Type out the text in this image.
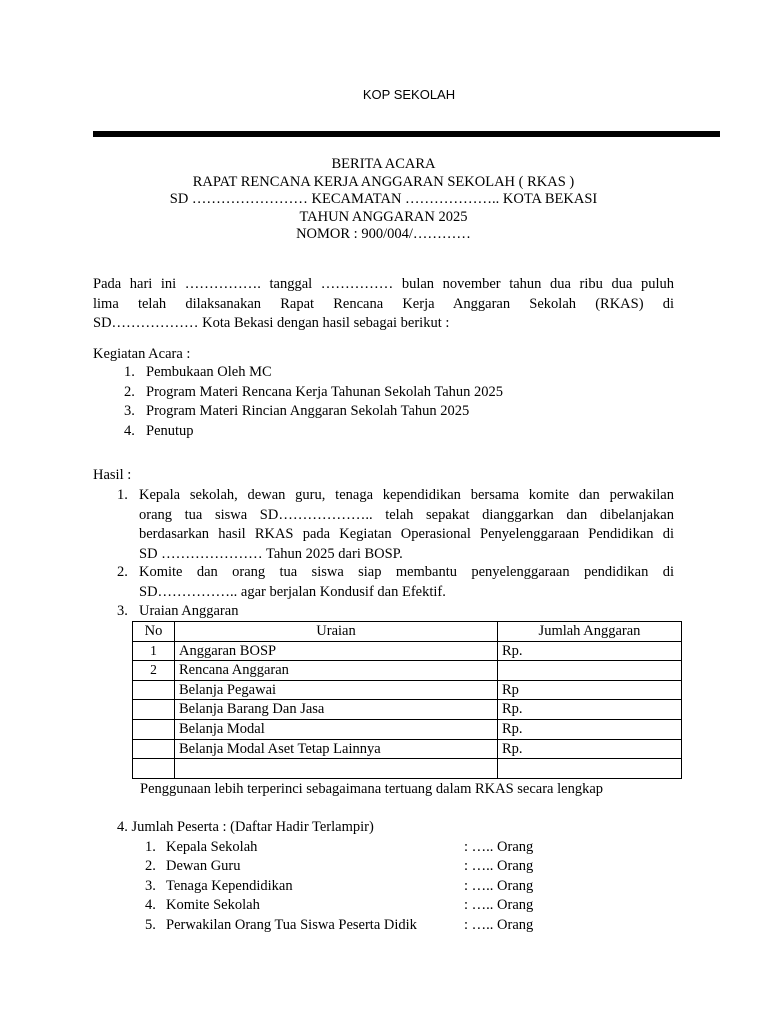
KOP SEKOLAH
BERITA ACARA
RAPAT RENCANA KERJA ANGGARAN SEKOLAH ( RKAS )
SD …………………… KECAMATAN ……………….. KOTA BEKASI
TAHUN ANGGARAN 2025
NOMOR : 900/004/…………
Pada hari ini ……………. tanggal …………… bulan november tahun dua ribu dua puluh
lima telah dilaksanakan Rapat Rencana Kerja Anggaran Sekolah (RKAS) di
SD……………… Kota Bekasi dengan hasil sebagai berikut :
Kegiatan Acara :
1. Pembukaan Oleh MC
2. Program Materi Rencana Kerja Tahunan Sekolah Tahun 2025
3. Program Materi Rincian Anggaran Sekolah Tahun 2025
4. Penutup
Hasil :
1. Kepala sekolah, dewan guru, tenaga kependidikan bersama komite dan perwakilan
orang tua siswa SD……………….. telah sepakat dianggarkan dan dibelanjakan
berdasarkan hasil RKAS pada Kegiatan Operasional Penyelenggaraan Pendidikan di
SD ………………… Tahun 2025 dari BOSP.
2. Komite dan orang tua siswa siap membantu penyelenggaraan pendidikan di
SD…………….. agar berjalan Kondusif dan Efektif.
3. Uraian Anggaran
No	Uraian	Jumlah Anggaran
1	Anggaran BOSP	Rp.
2	Rencana Anggaran	
	Belanja Pegawai	Rp
	Belanja Barang Dan Jasa	Rp.
	Belanja Modal	Rp.
	Belanja Modal Aset Tetap Lainnya	Rp.

Penggunaan lebih terperinci sebagaimana tertuang dalam RKAS secara lengkap
4. Jumlah Peserta : (Daftar Hadir Terlampir)
1. Kepala Sekolah	: ….. Orang
2. Dewan Guru	: ….. Orang
3. Tenaga Kependidikan	: ….. Orang
4. Komite Sekolah	: ….. Orang
5. Perwakilan Orang Tua Siswa Peserta Didik	: ….. Orang
